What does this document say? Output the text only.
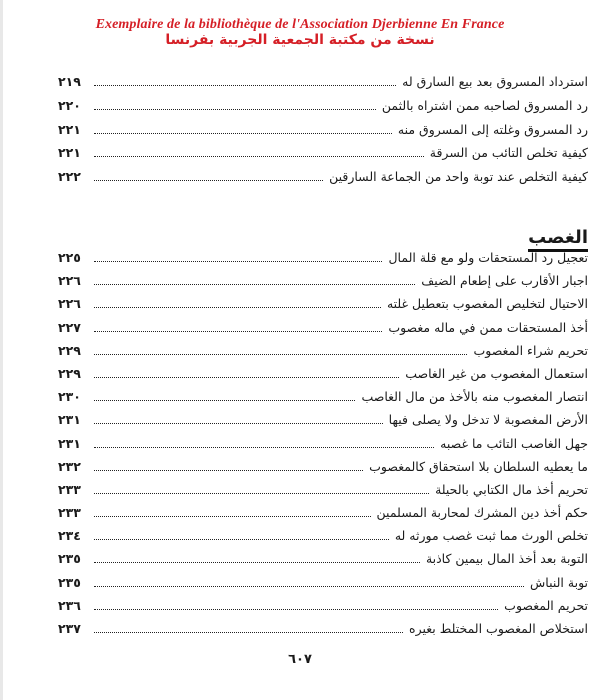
Exemplaire de la bibliothèque de l'Association Djerbienne En France
نسخة من مكتبة الجمعية الجربية بفرنسا
استرداد المسروق بعد بيع السارق له
٢١٩
رد المسروق لصاحبه ممن اشتراه بالثمن
٢٢٠
رد المسروق وغلته إلى المسروق منه
٢٢١
كيفية تخلص التائب من السرقة
٢٢١
كيفية التخلص عند توبة واحد من الجماعة السارقين
٢٢٢
الغصب
تعجيل رد المستحقات ولو مع قلة المال
٢٢٥
اجبار الأقارب على إطعام الضيف
٢٢٦
الاحتيال لتخليص المغصوب بتعطيل غلته
٢٢٦
أخذ المستحقات ممن في ماله مغصوب
٢٢٧
تحريم شراء المغصوب
٢٢٩
استعمال المغصوب من غير الغاصب
٢٢٩
انتصار المغصوب منه بالأخذ من مال الغاصب
٢٣٠
الأرض المغصوبة لا تدخل ولا يصلى فيها
٢٣١
جهل الغاصب التائب ما غصبه
٢٣١
ما يعطيه السلطان بلا استحقاق كالمغصوب
٢٣٢
تحريم أخذ مال الكتابي بالحيلة
٢٣٣
حكم أخذ دين المشرك لمحاربة المسلمين
٢٣٣
تخلص الورث مما ثبت غصب مورثه له
٢٣٤
التوبة بعد أخذ المال بيمين كاذبة
٢٣٥
توبة النباش
٢٣٥
تحريم المغصوب
٢٣٦
استخلاص المغصوب المختلط بغيره
٢٣٧
٦٠٧
